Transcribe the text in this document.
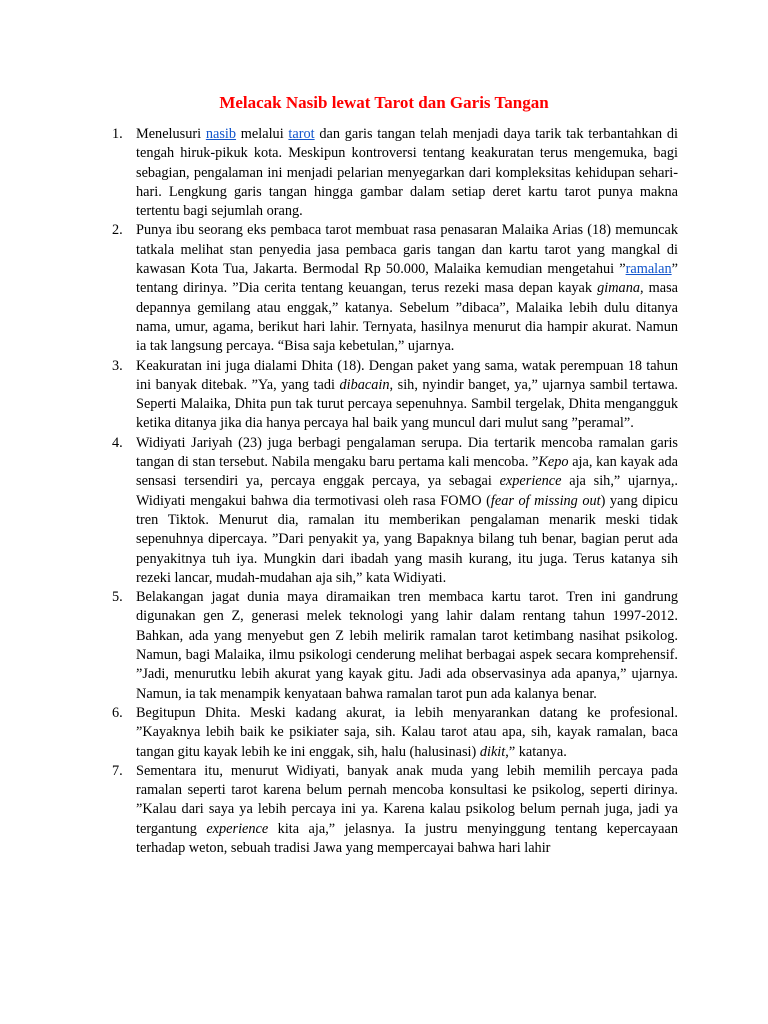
Melacak Nasib lewat Tarot dan Garis Tangan
1. Menelusuri nasib melalui tarot dan garis tangan telah menjadi daya tarik tak terbantahkan di tengah hiruk-pikuk kota. Meskipun kontroversi tentang keakuratan terus mengemuka, bagi sebagian, pengalaman ini menjadi pelarian menyegarkan dari kompleksitas kehidupan sehari-hari. Lengkung garis tangan hingga gambar dalam setiap deret kartu tarot punya makna tertentu bagi sejumlah orang.
2. Punya ibu seorang eks pembaca tarot membuat rasa penasaran Malaika Arias (18) memuncak tatkala melihat stan penyedia jasa pembaca garis tangan dan kartu tarot yang mangkal di kawasan Kota Tua, Jakarta. Bermodal Rp 50.000, Malaika kemudian mengetahui ”ramalan” tentang dirinya. ”Dia cerita tentang keuangan, terus rezeki masa depan kayak gimana, masa depannya gemilang atau enggak,” katanya. Sebelum ”dibaca”, Malaika lebih dulu ditanya nama, umur, agama, berikut hari lahir. Ternyata, hasilnya menurut dia hampir akurat. Namun ia tak langsung percaya. “Bisa saja kebetulan,” ujarnya.
3. Keakuratan ini juga dialami Dhita (18). Dengan paket yang sama, watak perempuan 18 tahun ini banyak ditebak. ”Ya, yang tadi dibacain, sih, nyindir banget, ya,” ujarnya sambil tertawa. Seperti Malaika, Dhita pun tak turut percaya sepenuhnya. Sambil tergelak, Dhita mengangguk ketika ditanya jika dia hanya percaya hal baik yang muncul dari mulut sang ”peramal”.
4. Widiyati Jariyah (23) juga berbagi pengalaman serupa. Dia tertarik mencoba ramalan garis tangan di stan tersebut. Nabila mengaku baru pertama kali mencoba. ”Kepo aja, kan kayak ada sensasi tersendiri ya, percaya enggak percaya, ya sebagai experience aja sih,” ujarnya,. Widiyati mengakui bahwa dia termotivasi oleh rasa FOMO (fear of missing out) yang dipicu tren Tiktok. Menurut dia, ramalan itu memberikan pengalaman menarik meski tidak sepenuhnya dipercaya. ”Dari penyakit ya, yang Bapaknya bilang tuh benar, bagian perut ada penyakitnya tuh iya. Mungkin dari ibadah yang masih kurang, itu juga. Terus katanya sih rezeki lancar, mudah-mudahan aja sih,” kata Widiyati.
5. Belakangan jagat dunia maya diramaikan tren membaca kartu tarot. Tren ini gandrung digunakan gen Z, generasi melek teknologi yang lahir dalam rentang tahun 1997-2012. Bahkan, ada yang menyebut gen Z lebih melirik ramalan tarot ketimbang nasihat psikolog. Namun, bagi Malaika, ilmu psikologi cenderung melihat berbagai aspek secara komprehensif. ”Jadi, menurutku lebih akurat yang kayak gitu. Jadi ada observasinya ada apanya,” ujarnya. Namun, ia tak menampik kenyataan bahwa ramalan tarot pun ada kalanya benar.
6. Begitupun Dhita. Meski kadang akurat, ia lebih menyarankan datang ke profesional. ”Kayaknya lebih baik ke psikiater saja, sih. Kalau tarot atau apa, sih, kayak ramalan, baca tangan gitu kayak lebih ke ini enggak, sih, halu (halusinasi) dikit,” katanya.
7. Sementara itu, menurut Widiyati, banyak anak muda yang lebih memilih percaya pada ramalan seperti tarot karena belum pernah mencoba konsultasi ke psikolog, seperti dirinya. ”Kalau dari saya ya lebih percaya ini ya. Karena kalau psikolog belum pernah juga, jadi ya tergantung experience kita aja,” jelasnya. Ia justru menyinggung tentang kepercayaan terhadap weton, sebuah tradisi Jawa yang mempercayai bahwa hari lahir
